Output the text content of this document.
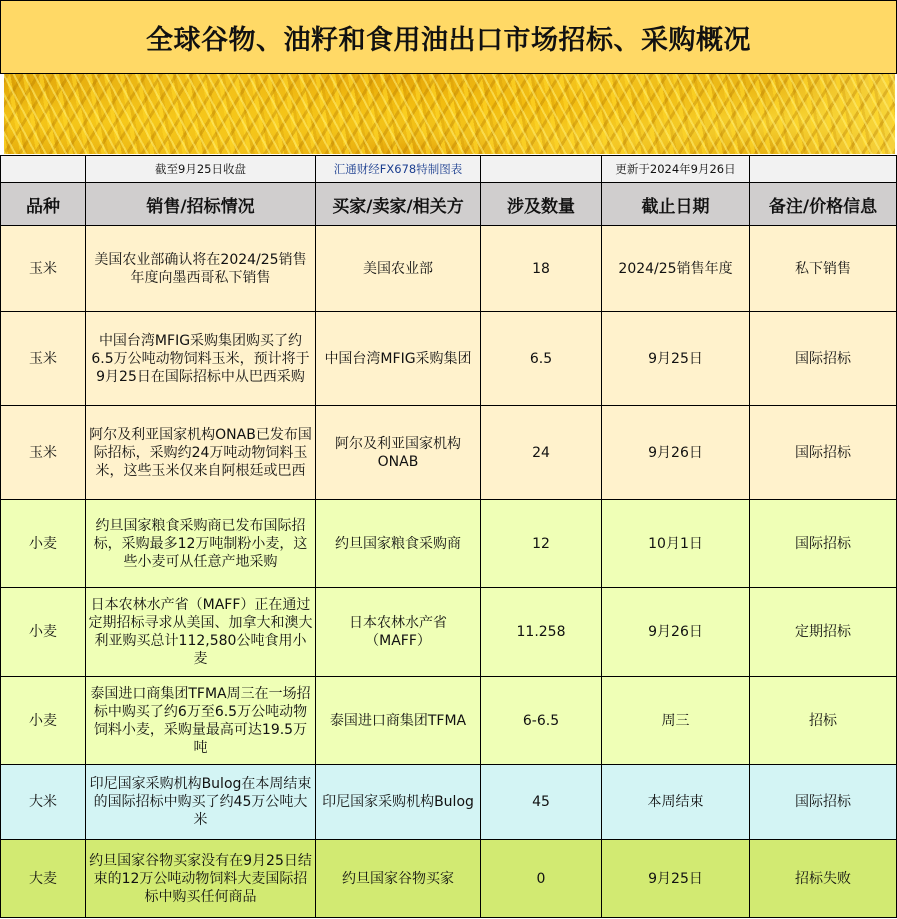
全球谷物、油籽和食用油出口市场招标、采购概况
	截至9月25日收盘	汇通财经FX678特制图表		更新于2024年9月26日	
品种	销售/招标情况	买家/卖家/相关方	涉及数量	截止日期	备注/价格信息
玉米	美国农业部确认将在2024/25销售年度向墨西哥私下销售	美国农业部	18	2024/25销售年度	私下销售
玉米	中国台湾MFIG采购集团购买了约6.5万公吨动物饲料玉米，预计将于9月25日在国际招标中从巴西采购	中国台湾MFIG采购集团	6.5	9月25日	国际招标
玉米	阿尔及利亚国家机构ONAB已发布国际招标，采购约24万吨动物饲料玉米，这些玉米仅来自阿根廷或巴西	阿尔及利亚国家机构ONAB	24	9月26日	国际招标
小麦	约旦国家粮食采购商已发布国际招标，采购最多12万吨制粉小麦，这些小麦可从任意产地采购	约旦国家粮食采购商	12	10月1日	国际招标
小麦	日本农林水产省（MAFF）正在通过定期招标寻求从美国、加拿大和澳大利亚购买总计112,580公吨食用小麦	日本农林水产省（MAFF）	11.258	9月26日	定期招标
小麦	泰国进口商集团TFMA周三在一场招标中购买了约6万至6.5万公吨动物饲料小麦，采购量最高可达19.5万吨	泰国进口商集团TFMA	6-6.5	周三	招标
大米	印尼国家采购机构Bulog在本周结束的国际招标中购买了约45万公吨大米	印尼国家采购机构Bulog	45	本周结束	国际招标
大麦	约旦国家谷物买家没有在9月25日结束的12万公吨动物饲料大麦国际招标中购买任何商品	约旦国家谷物买家	0	9月25日	招标失败
